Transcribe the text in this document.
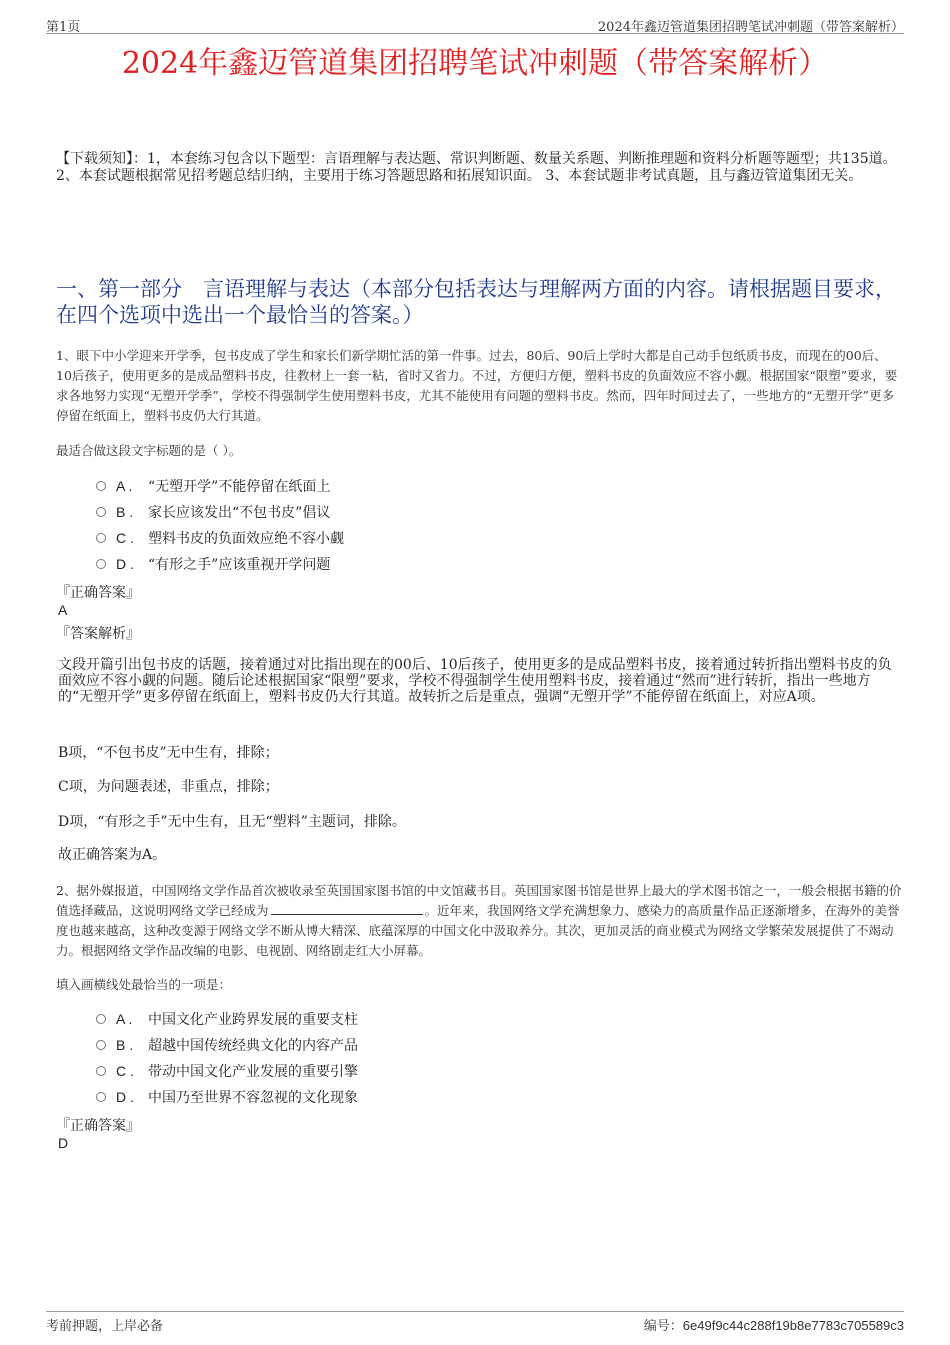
第1页	2024年鑫迈管道集团招聘笔试冲刺题（带答案解析）
2024年鑫迈管道集团招聘笔试冲刺题（带答案解析）
【下载须知】：1，本套练习包含以下题型：言语理解与表达题、常识判断题、数量关系题、判断推理题和资料分析题等题型；共135道。 2、本套试题根据常见招考题总结归纳，主要用于练习答题思路和拓展知识面。 3、本套试题非考试真题，且与鑫迈管道集团无关。
一、第一部分　言语理解与表达（本部分包括表达与理解两方面的内容。请根据题目要求，在四个选项中选出一个最恰当的答案。）
1、眼下中小学迎来开学季，包书皮成了学生和家长们新学期忙活的第一件事。过去，80后、90后上学时大都是自己动手包纸质书皮，而现在的00后、10后孩子，使用更多的是成品塑料书皮，往教材上一套一粘，省时又省力。不过，方便归方便，塑料书皮的负面效应不容小觑。根据国家“限塑”要求，要求各地努力实现“无塑开学季”，学校不得强制学生使用塑料书皮，尤其不能使用有问题的塑料书皮。然而，四年时间过去了，一些地方的“无塑开学”更多停留在纸面上，塑料书皮仍大行其道。
最适合做这段文字标题的是（ ）。
A .	“无塑开学”不能停留在纸面上
B .	家长应该发出“不包书皮”倡议
C .	塑料书皮的负面效应绝不容小觑
D .	“有形之手”应该重视开学问题
『正确答案』
A
『答案解析』
文段开篇引出包书皮的话题，接着通过对比指出现在的00后、10后孩子，使用更多的是成品塑料书皮，接着通过转折指出塑料书皮的负面效应不容小觑的问题。随后论述根据国家“限塑”要求，学校不得强制学生使用塑料书皮，接着通过“然而”进行转折，指出一些地方的“无塑开学”更多停留在纸面上，塑料书皮仍大行其道。故转折之后是重点，强调“无塑开学”不能停留在纸面上，对应A项。
B项，“不包书皮”无中生有，排除；
C项，为问题表述，非重点，排除；
D项，“有形之手”无中生有，且无“塑料”主题词，排除。
故正确答案为A。
2、据外媒报道，中国网络文学作品首次被收录至英国国家图书馆的中文馆藏书目。英国国家图书馆是世界上最大的学术图书馆之一，一般会根据书籍的价值选择藏品，这说明网络文学已经成为	。近年来，我国网络文学充满想象力、感染力的高质量作品正逐渐增多，在海外的美誉度也越来越高，这种改变源于网络文学不断从博大精深、底蕴深厚的中国文化中汲取养分。其次，更加灵活的商业模式为网络文学繁荣发展提供了不竭动力。根据网络文学作品改编的电影、电视剧、网络剧走红大小屏幕。
填入画横线处最恰当的一项是：
A .	中国文化产业跨界发展的重要支柱
B .	超越中国传统经典文化的内容产品
C .	带动中国文化产业发展的重要引擎
D .	中国乃至世界不容忽视的文化现象
『正确答案』
D
考前押题，上岸必备	编号：6e49f9c44c288f19b8e7783c705589c3
